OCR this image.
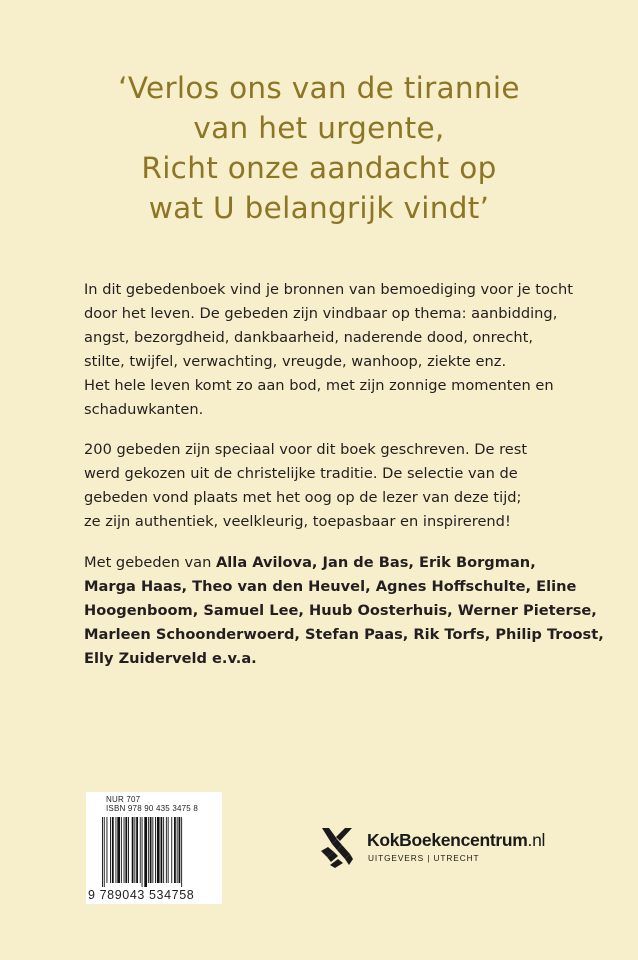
‘Verlos ons van de tirannie
van het urgente,
Richt onze aandacht op
wat U belangrijk vindt’
In dit gebedenboek vind je bronnen van bemoediging voor je tocht
door het leven. De gebeden zijn vindbaar op thema: aanbidding,
angst, bezorgdheid, dankbaarheid, naderende dood, onrecht,
stilte, twijfel, verwachting, vreugde, wanhoop, ziekte enz.
Het hele leven komt zo aan bod, met zijn zonnige momenten en
schaduwkanten.
200 gebeden zijn speciaal voor dit boek geschreven. De rest
werd gekozen uit de christelijke traditie. De selectie van de
gebeden vond plaats met het oog op de lezer van deze tijd;
ze zijn authentiek, veelkleurig, toepasbaar en inspirerend!
Met gebeden van Alla Avilova, Jan de Bas, Erik Borgman,
Marga Haas, Theo van den Heuvel, Agnes Hoffschulte, Eline
Hoogenboom, Samuel Lee, Huub Oosterhuis, Werner Pieterse,
Marleen Schoonderwoerd, Stefan Paas, Rik Torfs, Philip Troost,
Elly Zuiderveld e.v.a.
NUR 707
ISBN 978 90 435 3475 8
9 789043 534758
KokBoekencentrum.nl
UITGEVERS | UTRECHT
